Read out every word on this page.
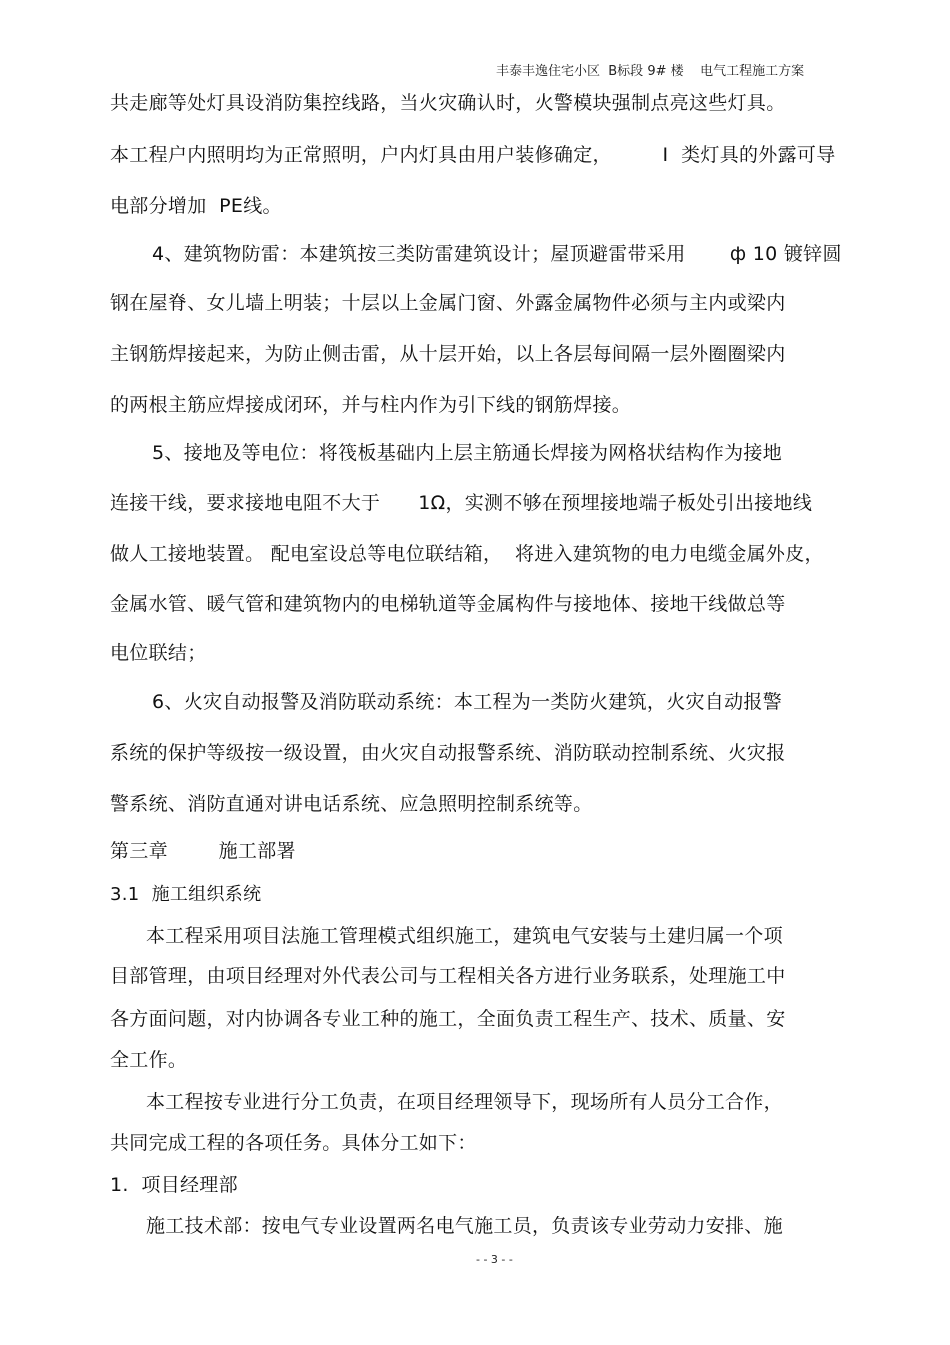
丰泰丰逸住宅小区  B标段 9# 楼    电气工程施工方案
共走廊等处灯具设消防集控线路，当火灾确认时，火警模块强制点亮这些灯具。
本工程户内照明均为正常照明，户内灯具由用户装修确定，        I  类灯具的外露可导
电部分增加  PE线。
4、建筑物防雷：本建筑按三类防雷建筑设计；屋顶避雷带采用       ф 10 镀锌圆
钢在屋脊、女儿墙上明装；十层以上金属门窗、外露金属物件必须与主内或梁内
主钢筋焊接起来，为防止侧击雷，从十层开始，以上各层每间隔一层外圈圈梁内
的两根主筋应焊接成闭环，并与柱内作为引下线的钢筋焊接。
5、接地及等电位：将筏板基础内上层主筋通长焊接为网格状结构作为接地
连接干线，要求接地电阻不大于      1Ω，实测不够在预埋接地端子板处引出接地线
做人工接地装置。 配电室设总等电位联结箱，  将进入建筑物的电力电缆金属外皮，
金属水管、暖气管和建筑物内的电梯轨道等金属构件与接地体、接地干线做总等
电位联结；
6、火灾自动报警及消防联动系统：本工程为一类防火建筑，火灾自动报警
系统的保护等级按一级设置，由火灾自动报警系统、消防联动控制系统、火灾报
警系统、消防直通对讲电话系统、应急照明控制系统等。
第三章        施工部署
3.1  施工组织系统
本工程采用项目法施工管理模式组织施工，建筑电气安装与土建归属一个项
目部管理，由项目经理对外代表公司与工程相关各方进行业务联系，处理施工中
各方面问题，对内协调各专业工种的施工，全面负责工程生产、技术、质量、安
全工作。
本工程按专业进行分工负责，在项目经理领导下，现场所有人员分工合作，
共同完成工程的各项任务。具体分工如下：
1.  项目经理部
施工技术部：按电气专业设置两名电气施工员，负责该专业劳动力安排、施
- - 3 - -
